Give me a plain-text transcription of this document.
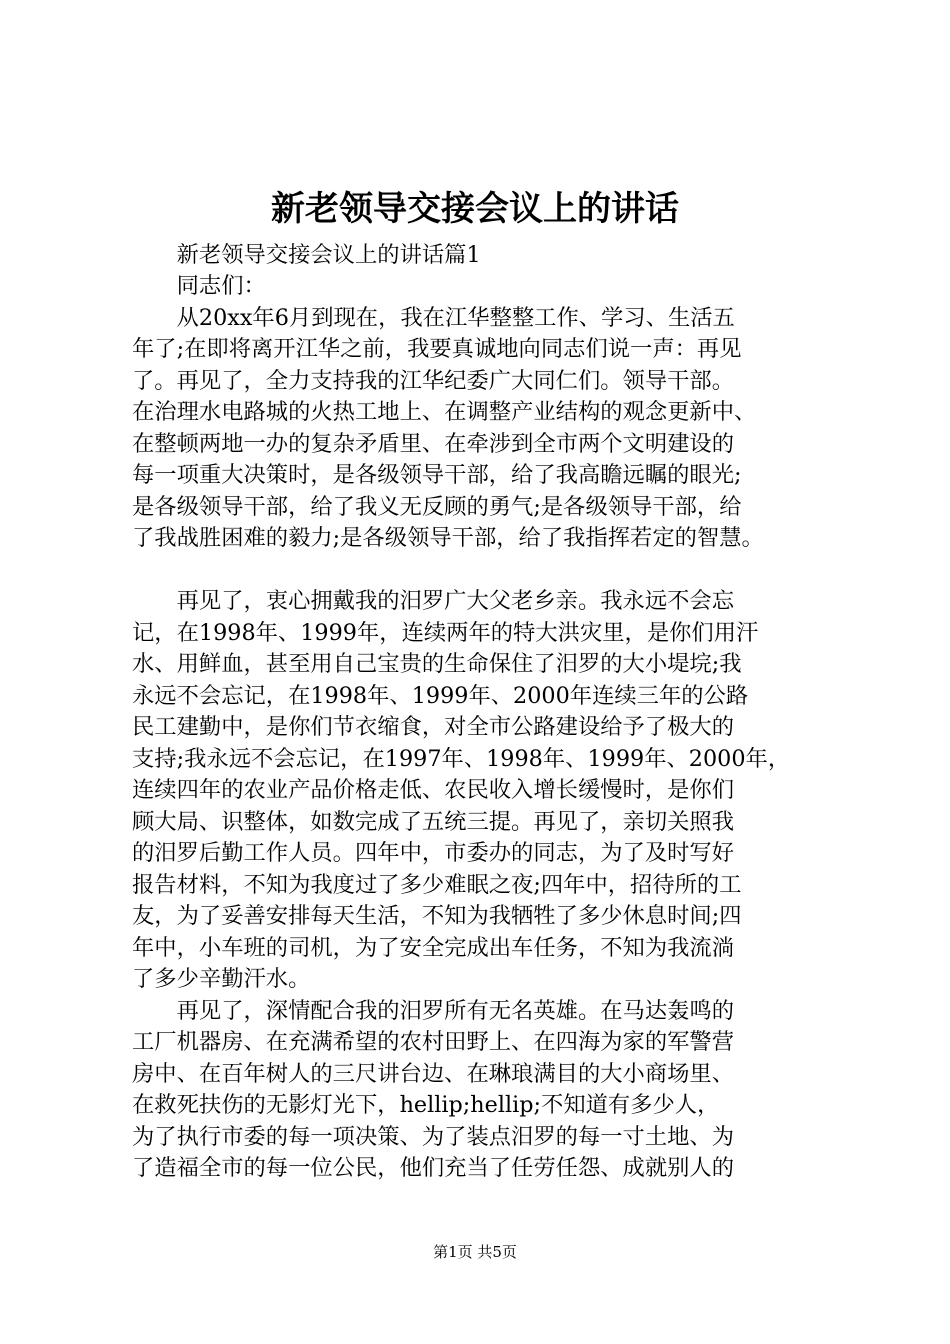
新老领导交接会议上的讲话
　　新老领导交接会议上的讲话篇1
　　同志们：
　　从20xx年6月到现在，我在江华整整工作、学习、生活五
年了;在即将离开江华之前，我要真诚地向同志们说一声：再见
了。再见了，全力支持我的江华纪委广大同仁们。领导干部。
在治理水电路城的火热工地上、在调整产业结构的观念更新中、
在整顿两地一办的复杂矛盾里、在牵涉到全市两个文明建设的
每一项重大决策时，是各级领导干部，给了我高瞻远瞩的眼光;
是各级领导干部，给了我义无反顾的勇气;是各级领导干部，给
了我战胜困难的毅力;是各级领导干部，给了我指挥若定的智慧。
　　再见了，衷心拥戴我的汨罗广大父老乡亲。我永远不会忘
记，在1998年、1999年，连续两年的特大洪灾里，是你们用汗
水、用鲜血，甚至用自己宝贵的生命保住了汨罗的大小堤垸;我
永远不会忘记，在1998年、1999年、2000年连续三年的公路
民工建勤中，是你们节衣缩食，对全市公路建设给予了极大的
支持;我永远不会忘记，在1997年、1998年、1999年、2000年，
连续四年的农业产品价格走低、农民收入增长缓慢时，是你们
顾大局、识整体，如数完成了五统三提。再见了，亲切关照我
的汨罗后勤工作人员。四年中，市委办的同志，为了及时写好
报告材料，不知为我度过了多少难眠之夜;四年中，招待所的工
友，为了妥善安排每天生活，不知为我牺牲了多少休息时间;四
年中，小车班的司机，为了安全完成出车任务，不知为我流淌
了多少辛勤汗水。
　　再见了，深情配合我的汨罗所有无名英雄。在马达轰鸣的
工厂机器房、在充满希望的农村田野上、在四海为家的军警营
房中、在百年树人的三尺讲台边、在琳琅满目的大小商场里、
在救死扶伤的无影灯光下，hellip;hellip;不知道有多少人，
为了执行市委的每一项决策、为了装点汨罗的每一寸土地、为
了造福全市的每一位公民，他们充当了任劳任怨、成就别人的
第1页 共5页
